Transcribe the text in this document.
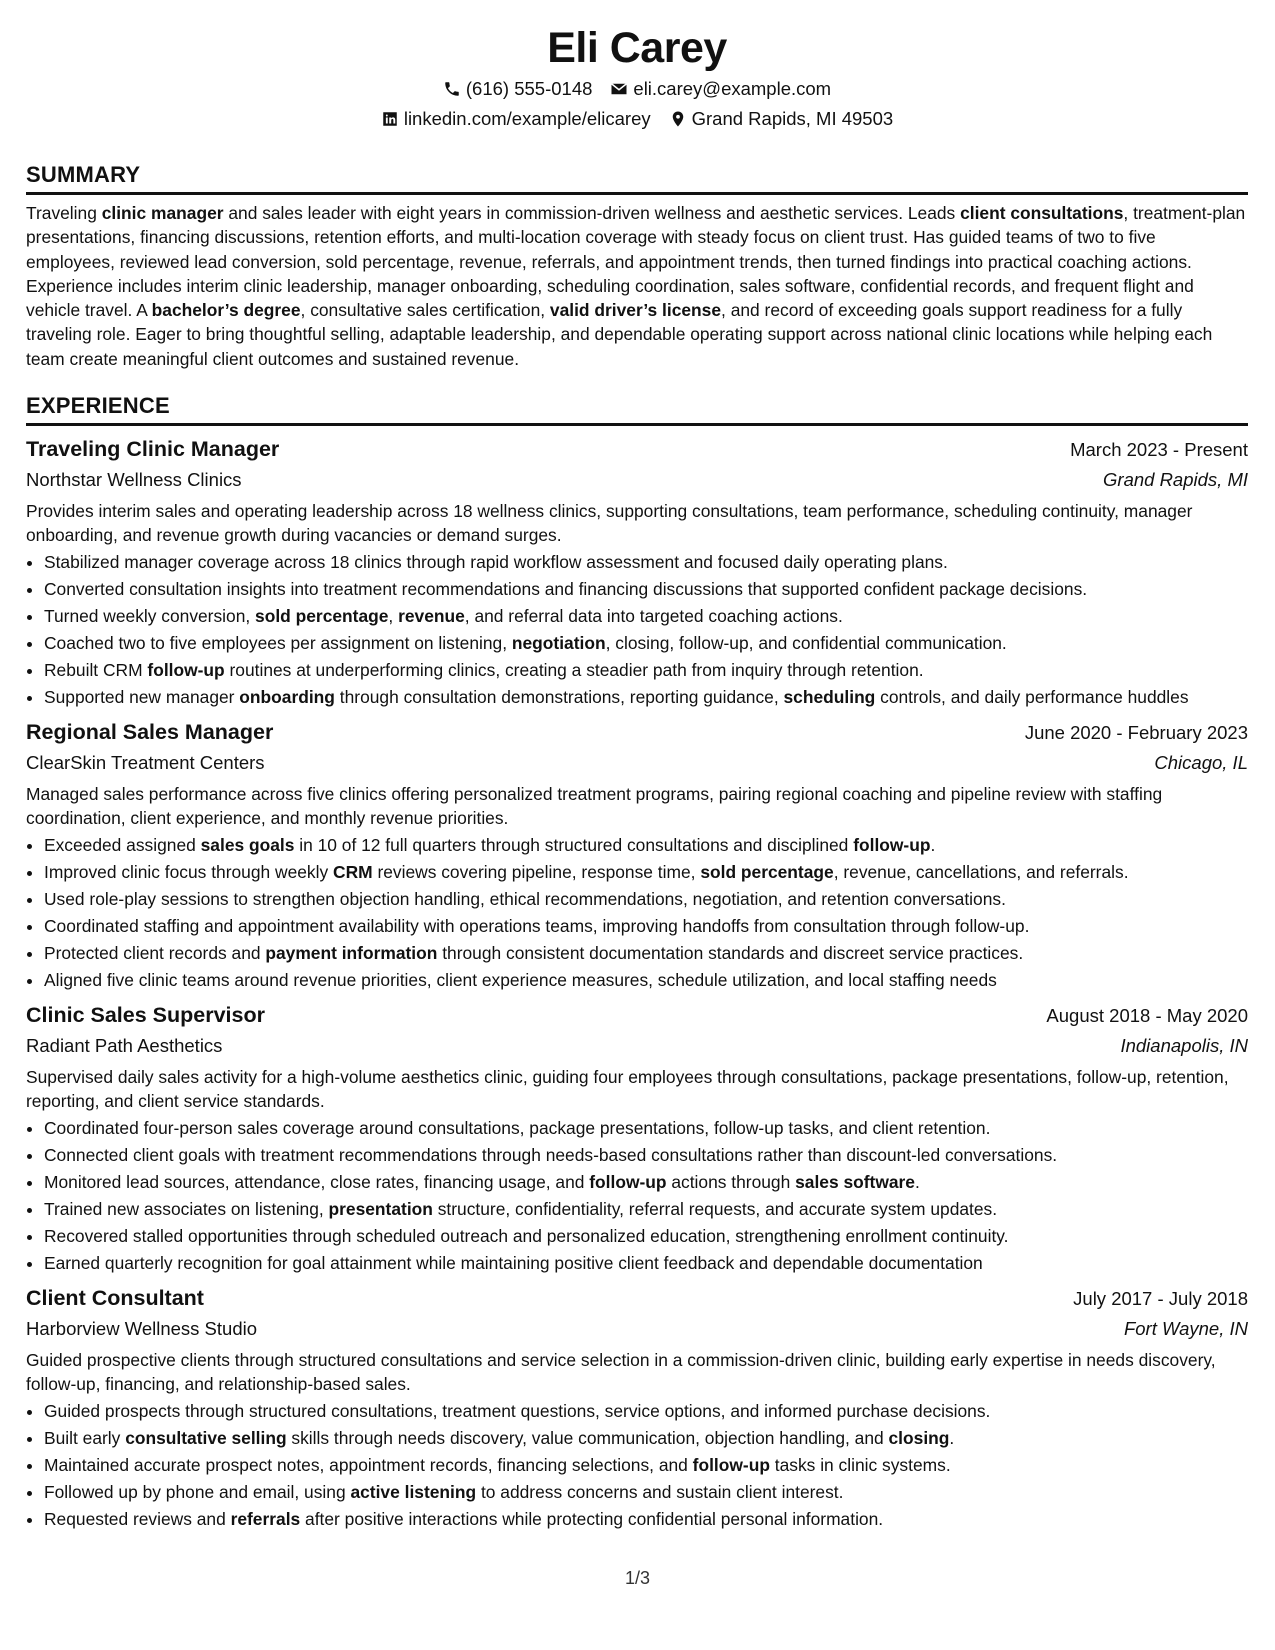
Eli Carey
(616) 555-0148 eli.carey@example.com
linkedin.com/example/elicarey Grand Rapids, MI 49503
SUMMARY
Traveling clinic manager and sales leader with eight years in commission-driven wellness and aesthetic services. Leads client consultations, treatment-plan presentations, financing discussions, retention efforts, and multi-location coverage with steady focus on client trust. Has guided teams of two to five employees, reviewed lead conversion, sold percentage, revenue, referrals, and appointment trends, then turned findings into practical coaching actions. Experience includes interim clinic leadership, manager onboarding, scheduling coordination, sales software, confidential records, and frequent flight and vehicle travel. A bachelor’s degree, consultative sales certification, valid driver’s license, and record of exceeding goals support readiness for a fully traveling role. Eager to bring thoughtful selling, adaptable leadership, and dependable operating support across national clinic locations while helping each team create meaningful client outcomes and sustained revenue.
EXPERIENCE
Traveling Clinic Manager	March 2023 - Present
Northstar Wellness Clinics	Grand Rapids, MI
Provides interim sales and operating leadership across 18 wellness clinics, supporting consultations, team performance, scheduling continuity, manager onboarding, and revenue growth during vacancies or demand surges.
• Stabilized manager coverage across 18 clinics through rapid workflow assessment and focused daily operating plans.
• Converted consultation insights into treatment recommendations and financing discussions that supported confident package decisions.
• Turned weekly conversion, sold percentage, revenue, and referral data into targeted coaching actions.
• Coached two to five employees per assignment on listening, negotiation, closing, follow-up, and confidential communication.
• Rebuilt CRM follow-up routines at underperforming clinics, creating a steadier path from inquiry through retention.
• Supported new manager onboarding through consultation demonstrations, reporting guidance, scheduling controls, and daily performance huddles
Regional Sales Manager	June 2020 - February 2023
ClearSkin Treatment Centers	Chicago, IL
Managed sales performance across five clinics offering personalized treatment programs, pairing regional coaching and pipeline review with staffing coordination, client experience, and monthly revenue priorities.
• Exceeded assigned sales goals in 10 of 12 full quarters through structured consultations and disciplined follow-up.
• Improved clinic focus through weekly CRM reviews covering pipeline, response time, sold percentage, revenue, cancellations, and referrals.
• Used role-play sessions to strengthen objection handling, ethical recommendations, negotiation, and retention conversations.
• Coordinated staffing and appointment availability with operations teams, improving handoffs from consultation through follow-up.
• Protected client records and payment information through consistent documentation standards and discreet service practices.
• Aligned five clinic teams around revenue priorities, client experience measures, schedule utilization, and local staffing needs
Clinic Sales Supervisor	August 2018 - May 2020
Radiant Path Aesthetics	Indianapolis, IN
Supervised daily sales activity for a high-volume aesthetics clinic, guiding four employees through consultations, package presentations, follow-up, retention, reporting, and client service standards.
• Coordinated four-person sales coverage around consultations, package presentations, follow-up tasks, and client retention.
• Connected client goals with treatment recommendations through needs-based consultations rather than discount-led conversations.
• Monitored lead sources, attendance, close rates, financing usage, and follow-up actions through sales software.
• Trained new associates on listening, presentation structure, confidentiality, referral requests, and accurate system updates.
• Recovered stalled opportunities through scheduled outreach and personalized education, strengthening enrollment continuity.
• Earned quarterly recognition for goal attainment while maintaining positive client feedback and dependable documentation
Client Consultant	July 2017 - July 2018
Harborview Wellness Studio	Fort Wayne, IN
Guided prospective clients through structured consultations and service selection in a commission-driven clinic, building early expertise in needs discovery, follow-up, financing, and relationship-based sales.
• Guided prospects through structured consultations, treatment questions, service options, and informed purchase decisions.
• Built early consultative selling skills through needs discovery, value communication, objection handling, and closing.
• Maintained accurate prospect notes, appointment records, financing selections, and follow-up tasks in clinic systems.
• Followed up by phone and email, using active listening to address concerns and sustain client interest.
• Requested reviews and referrals after positive interactions while protecting confidential personal information.
1/3
